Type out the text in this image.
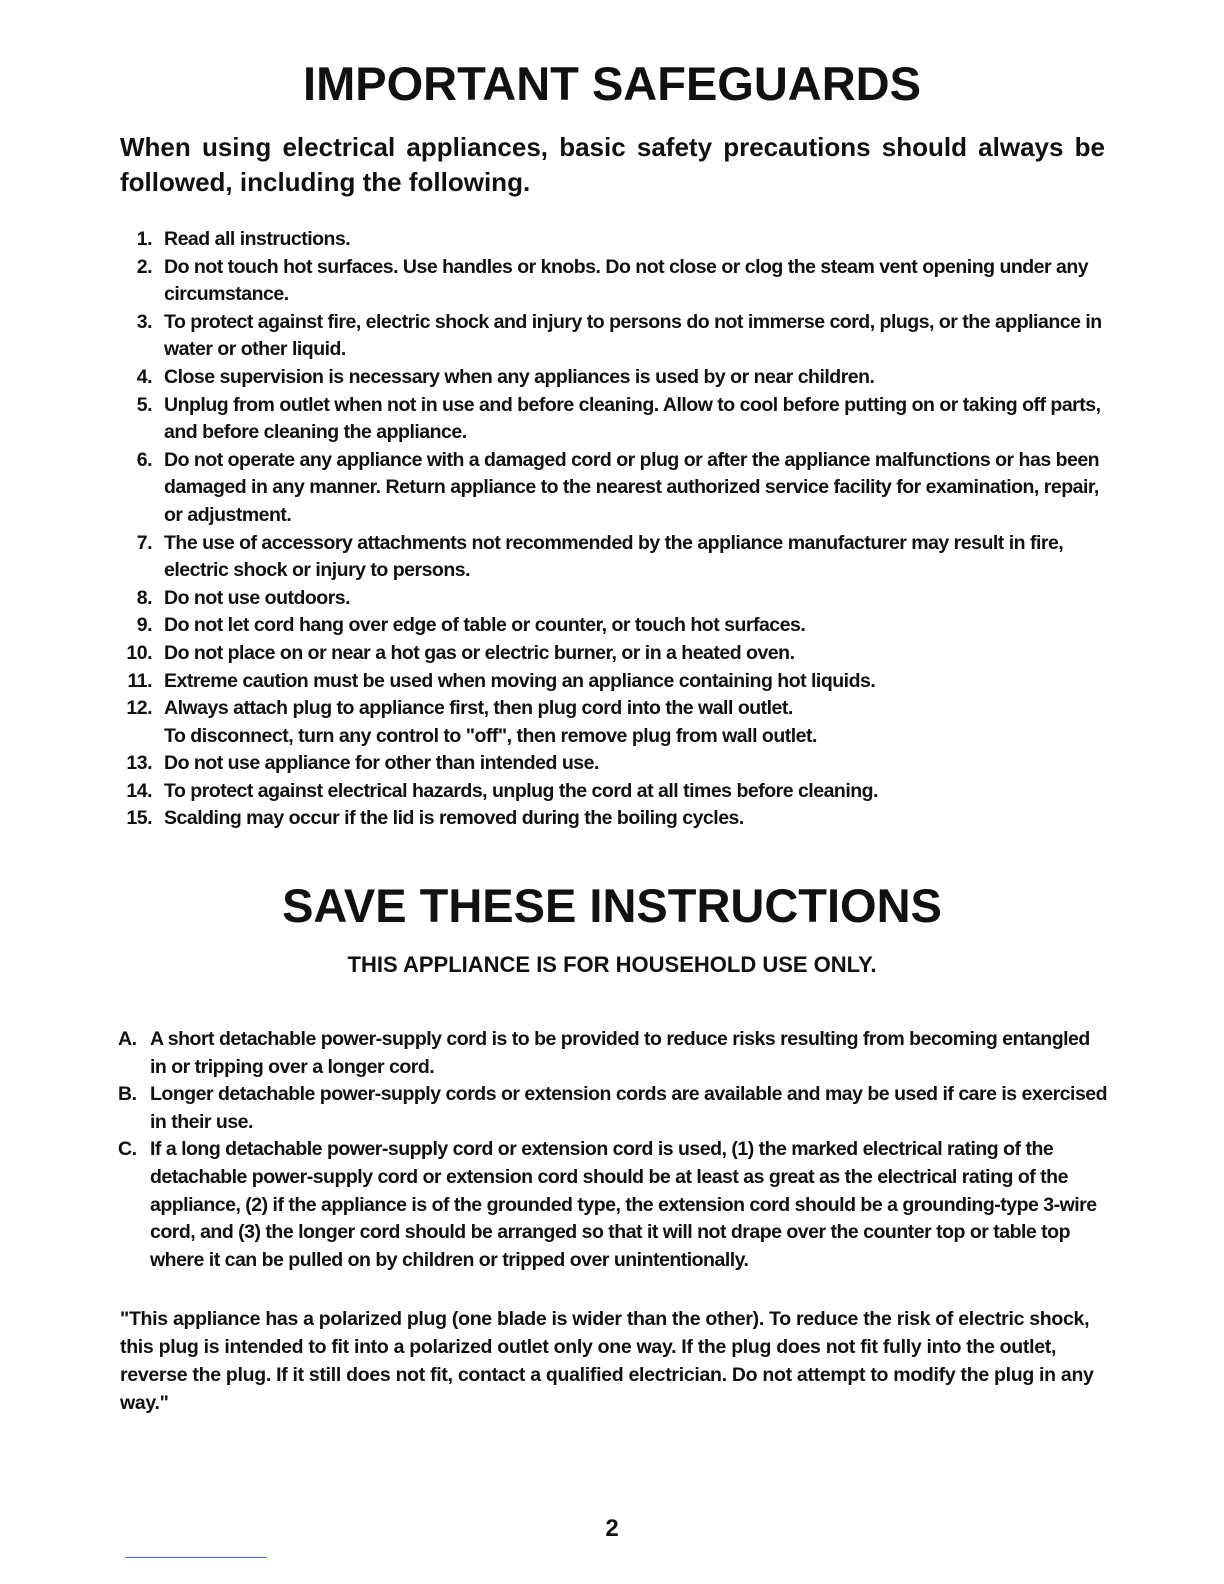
IMPORTANT SAFEGUARDS

When using electrical appliances, basic safety precautions should always be followed, including the following.

1. Read all instructions.
2. Do not touch hot surfaces. Use handles or knobs. Do not close or clog the steam vent opening under any circumstance.
3. To protect against fire, electric shock and injury to persons do not immerse cord, plugs, or the appliance in water or other liquid.
4. Close supervision is necessary when any appliances is used by or near children.
5. Unplug from outlet when not in use and before cleaning. Allow to cool before putting on or taking off parts, and before cleaning the appliance.
6. Do not operate any appliance with a damaged cord or plug or after the appliance malfunctions or has been damaged in any manner. Return appliance to the nearest authorized service facility for examination, repair, or adjustment.
7. The use of accessory attachments not recommended by the appliance manufacturer may result in fire, electric shock or injury to persons.
8. Do not use outdoors.
9. Do not let cord hang over edge of table or counter, or touch hot surfaces.
10. Do not place on or near a hot gas or electric burner, or in a heated oven.
11. Extreme caution must be used when moving an appliance containing hot liquids.
12. Always attach plug to appliance first, then plug cord into the wall outlet.
To disconnect, turn any control to "off", then remove plug from wall outlet.
13. Do not use appliance for other than intended use.
14. To protect against electrical hazards, unplug the cord at all times before cleaning.
15. Scalding may occur if the lid is removed during the boiling cycles.
SAVE THESE INSTRUCTIONS
THIS APPLIANCE IS FOR HOUSEHOLD USE ONLY.
A. A short detachable power-supply cord is to be provided to reduce risks resulting from becoming entangled in or tripping over a longer cord.
B. Longer detachable power-supply cords or extension cords are available and may be used if care is exercised in their use.
C. If a long detachable power-supply cord or extension cord is used, (1) the marked electrical rating of the detachable power-supply cord or extension cord should be at least as great as the electrical rating of the appliance, (2) if the appliance is of the grounded type, the extension cord should be a grounding-type 3-wire cord, and (3) the longer cord should be arranged so that it will not drape over the counter top or table top where it can be pulled on by children or tripped over unintentionally.

"This appliance has a polarized plug (one blade is wider than the other). To reduce the risk of electric shock, this plug is intended to fit into a polarized outlet only one way. If the plug does not fit fully into the outlet, reverse the plug. If it still does not fit, contact a qualified electrician. Do not attempt to modify the plug in any way."

2
